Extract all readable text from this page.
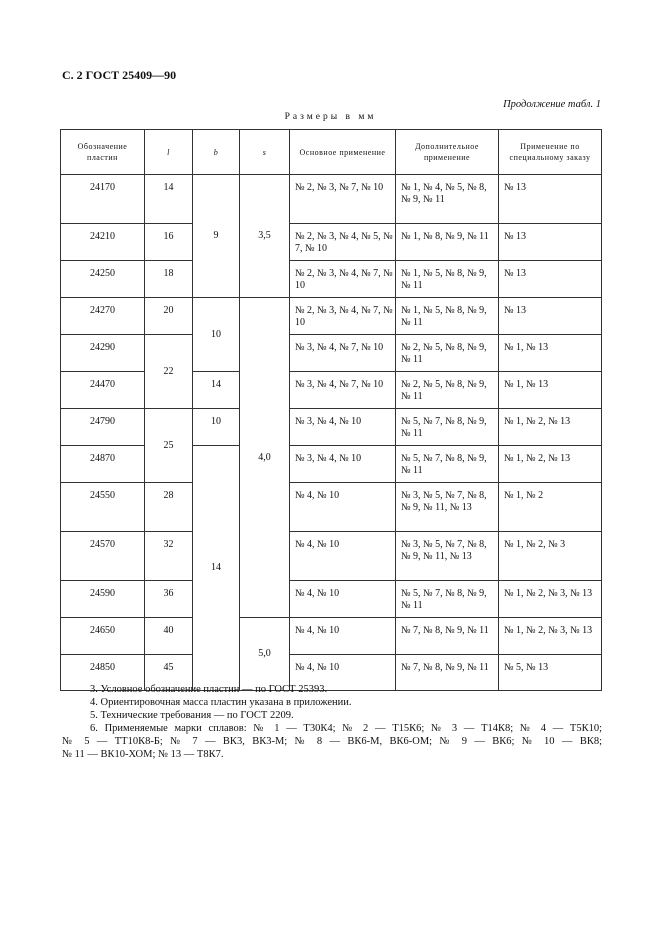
С. 2 ГОСТ 25409—90
Продолжение табл. 1
Размеры в мм
Обозначение пластин	l	b	s	Основное применение	Дополнительное применение	Применение по специальному заказу
24170	14	9	3,5	№ 2, № 3, № 7, № 10	№ 1, № 4, № 5, № 8, № 9, № 11	№ 13
24210	16			№ 2, № 3, № 4, № 5, № 7, № 10	№ 1, № 8, № 9, № 11	№ 13
24250	18			№ 2, № 3, № 4, № 7, № 10	№ 1, № 5, № 8, № 9, № 11	№ 13
24270	20	10	4,0	№ 2, № 3, № 4, № 7, № 10	№ 1, № 5, № 8, № 9, № 11	№ 13
24290	22			№ 3, № 4, № 7, № 10	№ 2, № 5, № 8, № 9, № 11	№ 1, № 13
24470		14		№ 3, № 4, № 7, № 10	№ 2, № 5, № 8, № 9, № 11	№ 1, № 13
24790	25	10		№ 3, № 4, № 10	№ 5, № 7, № 8, № 9, № 11	№ 1, № 2, № 13
24870		14		№ 3, № 4, № 10	№ 5, № 7, № 8, № 9, № 11	№ 1, № 2, № 13
24550	28			№ 4, № 10	№ 3, № 5, № 7, № 8, № 9, № 11, № 13	№ 1, № 2
24570	32			№ 4, № 10	№ 3, № 5, № 7, № 8, № 9, № 11, № 13	№ 1, № 2, № 3
24590	36			№ 4, № 10	№ 5, № 7, № 8, № 9, № 11	№ 1, № 2, № 3, № 13
24650	40		5,0	№ 4, № 10	№ 7, № 8, № 9, № 11	№ 1, № 2, № 3, № 13
24850	45			№ 4, № 10	№ 7, № 8, № 9, № 11	№ 5, № 13
3. Условное обозначение пластин — по ГОСТ 25393.
4. Ориентировочная масса пластин указана в приложении.
5. Технические требования — по ГОСТ 2209.
6. Применяемые марки сплавов: № 1 — Т30К4; № 2 — Т15К6; № 3 — Т14К8; № 4 — Т5К10;
№ 5 — ТТ10К8-Б; № 7 — ВК3, ВК3-М; № 8 — ВК6-М, ВК6-ОМ; № 9 — ВК6; № 10 — ВК8;
№ 11 — ВК10-ХОМ; № 13 — Т8К7.
